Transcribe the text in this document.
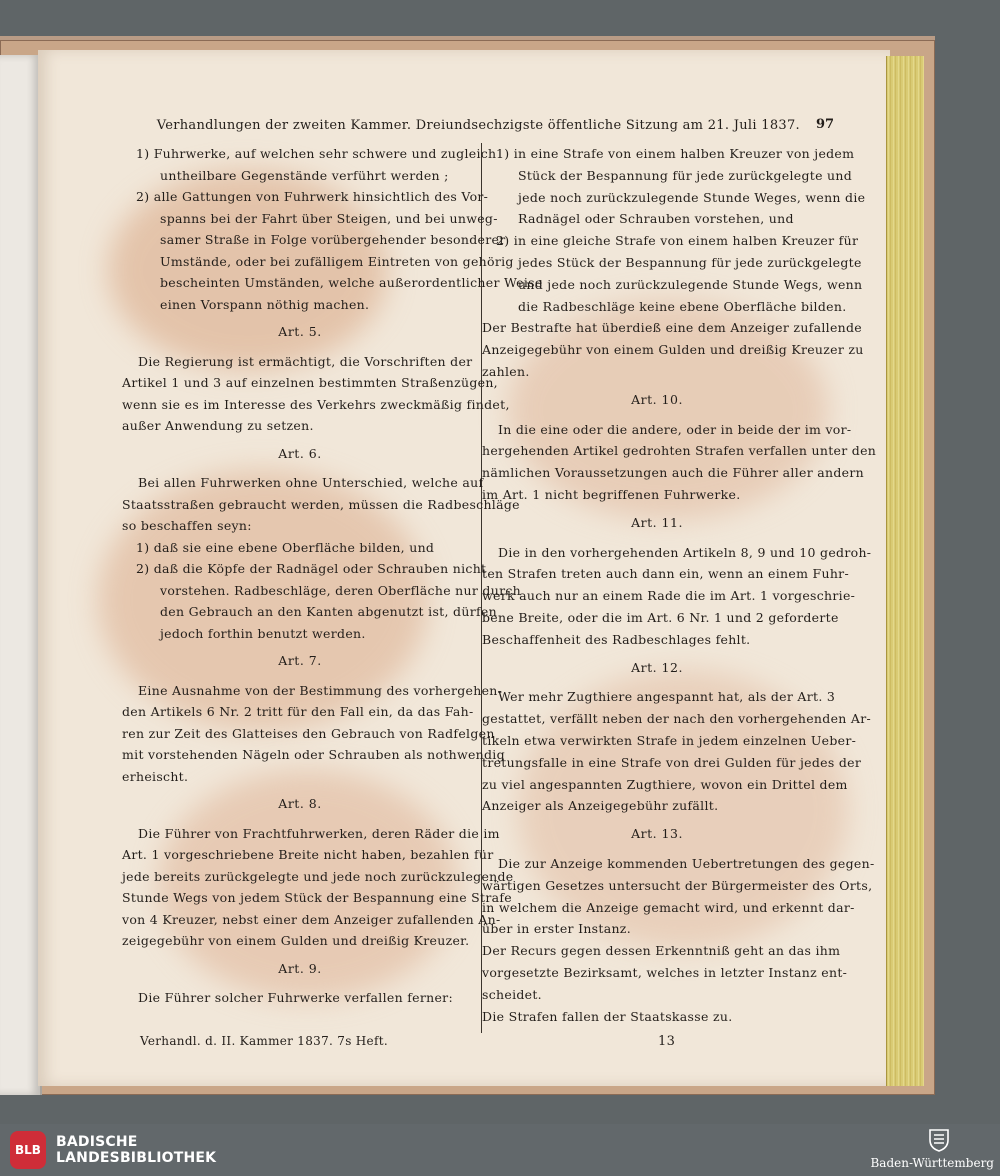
Verhandlungen der zweiten Kammer. Dreiundsechzigste öffentliche Sitzung am 21. Juli 1837. 97
1) Fuhrwerke, auf welchen sehr schwere und zugleich
untheilbare Gegenstände verführt werden ;
2) alle Gattungen von Fuhrwerk hinsichtlich des Vor-
spanns bei der Fahrt über Steigen, und bei unweg-
samer Straße in Folge vorübergehender besonderer
Umstände, oder bei zufälligem Eintreten von gehörig
bescheinten Umständen, welche außerordentlicher Weise
einen Vorspann nöthig machen.
Art. 5.
Die Regierung ist ermächtigt, die Vorschriften der
Artikel 1 und 3 auf einzelnen bestimmten Straßenzügen,
wenn sie es im Interesse des Verkehrs zweckmäßig findet,
außer Anwendung zu setzen.
Art. 6.
Bei allen Fuhrwerken ohne Unterschied, welche auf
Staatsstraßen gebraucht werden, müssen die Radbeschläge
so beschaffen seyn:
1) daß sie eine ebene Oberfläche bilden, und
2) daß die Köpfe der Radnägel oder Schrauben nicht
vorstehen. Radbeschläge, deren Oberfläche nur durch
den Gebrauch an den Kanten abgenutzt ist, dürfen
jedoch forthin benutzt werden.
Art. 7.
Eine Ausnahme von der Bestimmung des vorhergehen-
den Artikels 6 Nr. 2 tritt für den Fall ein, da das Fah-
ren zur Zeit des Glatteises den Gebrauch von Radfelgen
mit vorstehenden Nägeln oder Schrauben als nothwendig
erheischt.
Art. 8.
Die Führer von Frachtfuhrwerken, deren Räder die im
Art. 1 vorgeschriebene Breite nicht haben, bezahlen für
jede bereits zurückgelegte und jede noch zurückzulegende
Stunde Wegs von jedem Stück der Bespannung eine Strafe
von 4 Kreuzer, nebst einer dem Anzeiger zufallenden An-
zeigegebühr von einem Gulden und dreißig Kreuzer.
Art. 9.
Die Führer solcher Fuhrwerke verfallen ferner:
1) in eine Strafe von einem halben Kreuzer von jedem
Stück der Bespannung für jede zurückgelegte und
jede noch zurückzulegende Stunde Weges, wenn die
Radnägel oder Schrauben vorstehen, und
2) in eine gleiche Strafe von einem halben Kreuzer für
jedes Stück der Bespannung für jede zurückgelegte
und jede noch zurückzulegende Stunde Wegs, wenn
die Radbeschläge keine ebene Oberfläche bilden.
Der Bestrafte hat überdieß eine dem Anzeiger zufallende
Anzeigegebühr von einem Gulden und dreißig Kreuzer zu
zahlen.
Art. 10.
In die eine oder die andere, oder in beide der im vor-
hergehenden Artikel gedrohten Strafen verfallen unter den
nämlichen Voraussetzungen auch die Führer aller andern
im Art. 1 nicht begriffenen Fuhrwerke.
Art. 11.
Die in den vorhergehenden Artikeln 8, 9 und 10 gedroh-
ten Strafen treten auch dann ein, wenn an einem Fuhr-
werk auch nur an einem Rade die im Art. 1 vorgeschrie-
bene Breite, oder die im Art. 6 Nr. 1 und 2 geforderte
Beschaffenheit des Radbeschlages fehlt.
Art. 12.
Wer mehr Zugthiere angespannt hat, als der Art. 3
gestattet, verfällt neben der nach den vorhergehenden Ar-
tikeln etwa verwirkten Strafe in jedem einzelnen Ueber-
tretungsfalle in eine Strafe von drei Gulden für jedes der
zu viel angespannten Zugthiere, wovon ein Drittel dem
Anzeiger als Anzeigegebühr zufällt.
Art. 13.
Die zur Anzeige kommenden Uebertretungen des gegen-
wärtigen Gesetzes untersucht der Bürgermeister des Orts,
in welchem die Anzeige gemacht wird, und erkennt dar-
über in erster Instanz.
Der Recurs gegen dessen Erkenntniß geht an das ihm
vorgesetzte Bezirksamt, welches in letzter Instanz ent-
scheidet.
Die Strafen fallen der Staatskasse zu.
Verhandl. d. II. Kammer 1837. 7s Heft.	13
BLB	BADISCHE
LANDESBIBLIOTHEK	Baden-Württemberg
